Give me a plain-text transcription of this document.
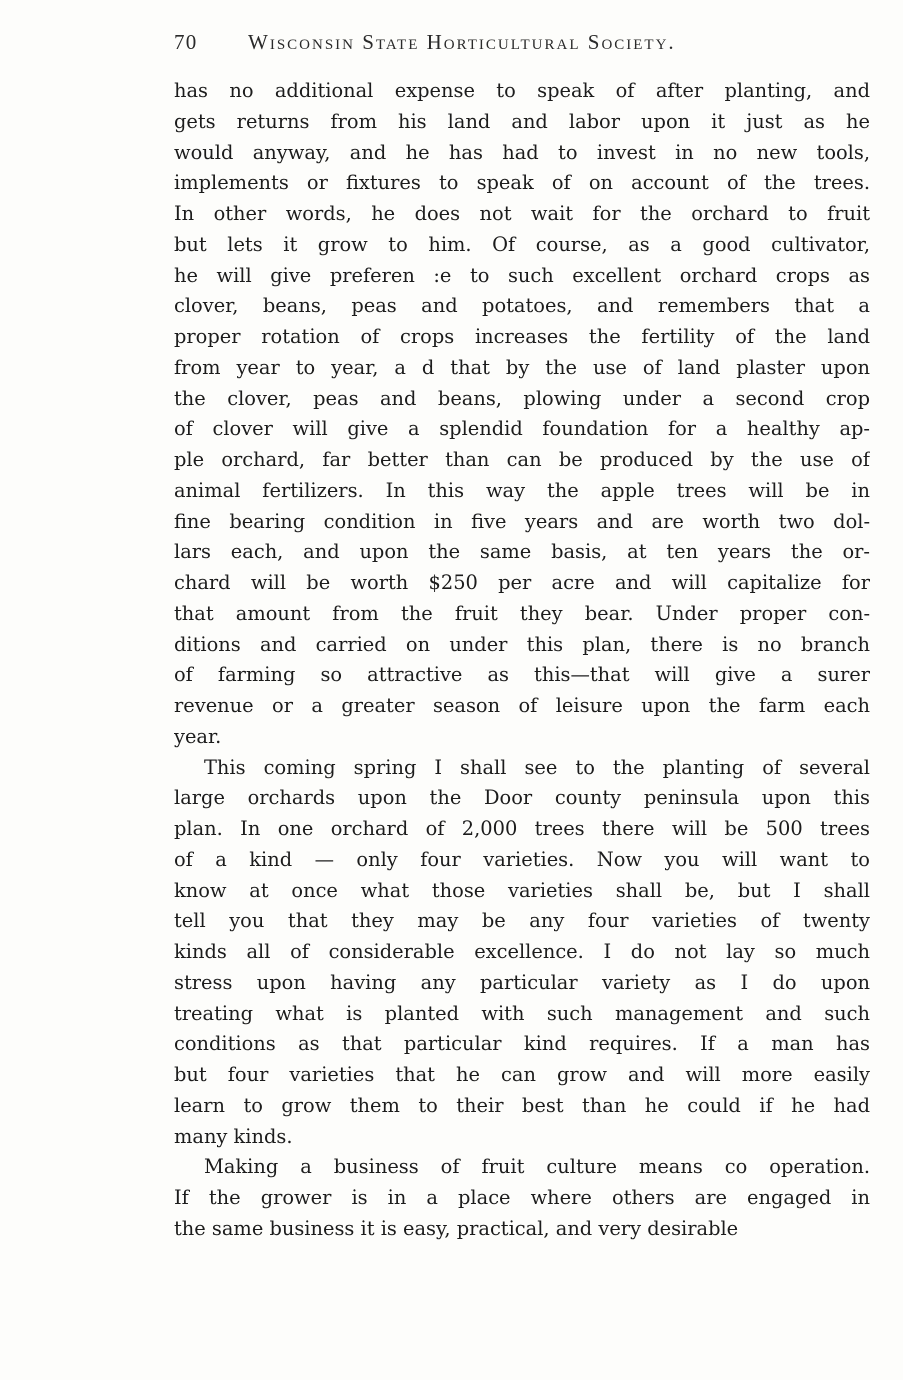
70 Wisconsin State Horticultural Society.
has no additional expense to speak of after planting, and
gets returns from his land and labor upon it just as he
would anyway, and he has had to invest in no new tools,
implements or fixtures to speak of on account of the trees.
In other words, he does not wait for the orchard to fruit
but lets it grow to him. Of course, as a good cultivator,
he will give preferen :e to such excellent orchard crops as
clover, beans, peas and potatoes, and remembers that a
proper rotation of crops increases the fertility of the land
from year to year, a d that by the use of land plaster upon
the clover, peas and beans, plowing under a second crop
of clover will give a splendid foundation for a healthy ap-
ple orchard, far better than can be produced by the use of
animal fertilizers. In this way the apple trees will be in
fine bearing condition in five years and are worth two dol-
lars each, and upon the same basis, at ten years the or-
chard will be worth $250 per acre and will capitalize for
that amount from the fruit they bear. Under proper con-
ditions and carried on under this plan, there is no branch
of farming so attractive as this—that will give a surer
revenue or a greater season of leisure upon the farm each
year.
This coming spring I shall see to the planting of several
large orchards upon the Door county peninsula upon this
plan. In one orchard of 2,000 trees there will be 500 trees
of a kind — only four varieties. Now you will want to
know at once what those varieties shall be, but I shall
tell you that they may be any four varieties of twenty
kinds all of considerable excellence. I do not lay so much
stress upon having any particular variety as I do upon
treating what is planted with such management and such
conditions as that particular kind requires. If a man has
but four varieties that he can grow and will more easily
learn to grow them to their best than he could if he had
many kinds.
Making a business of fruit culture means co operation.
If the grower is in a place where others are engaged in
the same business it is easy, practical, and very desirable
